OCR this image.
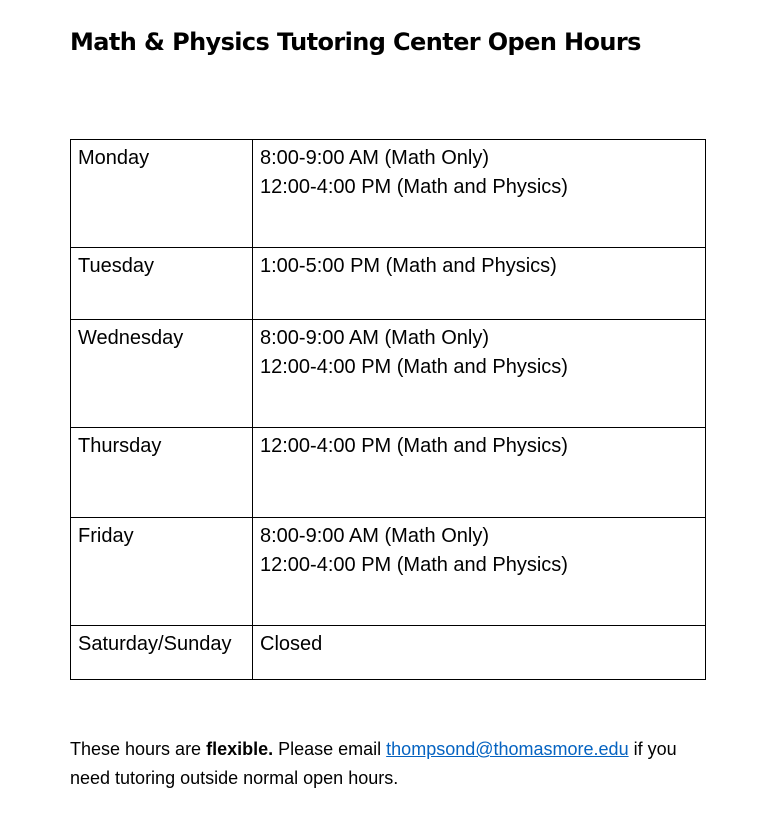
Math & Physics Tutoring Center Open Hours
Monday	8:00-9:00 AM (Math Only)
12:00-4:00 PM (Math and Physics)

Tuesday	1:00-5:00 PM (Math and Physics)

Wednesday	8:00-9:00 AM (Math Only)
12:00-4:00 PM (Math and Physics)

Thursday	12:00-4:00 PM (Math and Physics)

Friday	8:00-9:00 AM (Math Only)
12:00-4:00 PM (Math and Physics)

Saturday/Sunday	Closed

These hours are flexible. Please email thompsond@thomasmore.edu if you need tutoring outside normal open hours.
